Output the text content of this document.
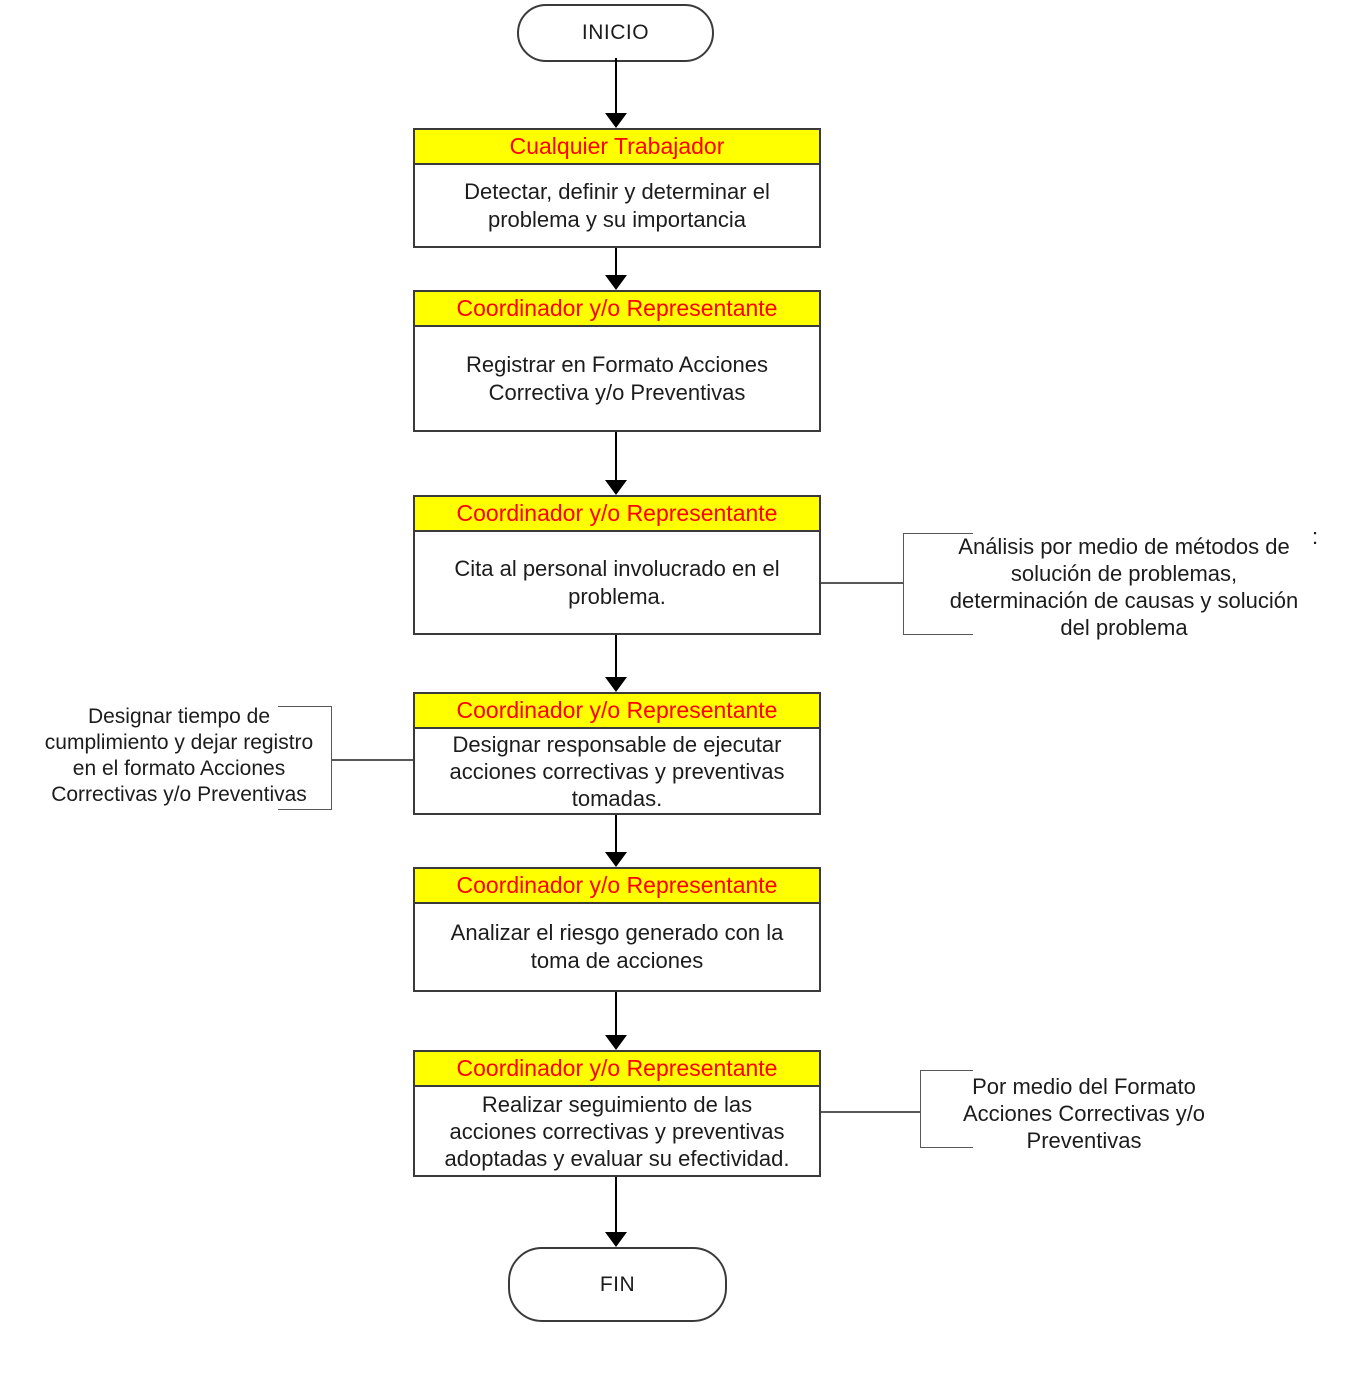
INICIO
Cualquier Trabajador
Detectar, definir y determinar el
problema y su importancia
Coordinador y/o Representante
Registrar en Formato Acciones
Correctiva y/o Preventivas
Coordinador y/o Representante
Cita al personal involucrado en el
problema.
Análisis por medio de métodos de
solución de problemas,
determinación de causas y solución
del problema
:
Coordinador y/o Representante
Designar responsable de ejecutar
acciones correctivas y preventivas
tomadas.
Designar tiempo de
cumplimiento y dejar registro
en el formato Acciones
Correctivas y/o Preventivas
Coordinador y/o Representante
Analizar el riesgo generado con la
toma de acciones
Coordinador y/o Representante
Realizar seguimiento de las
acciones correctivas y preventivas
adoptadas y evaluar su efectividad.
Por medio del Formato
Acciones Correctivas y/o
Preventivas
FIN
